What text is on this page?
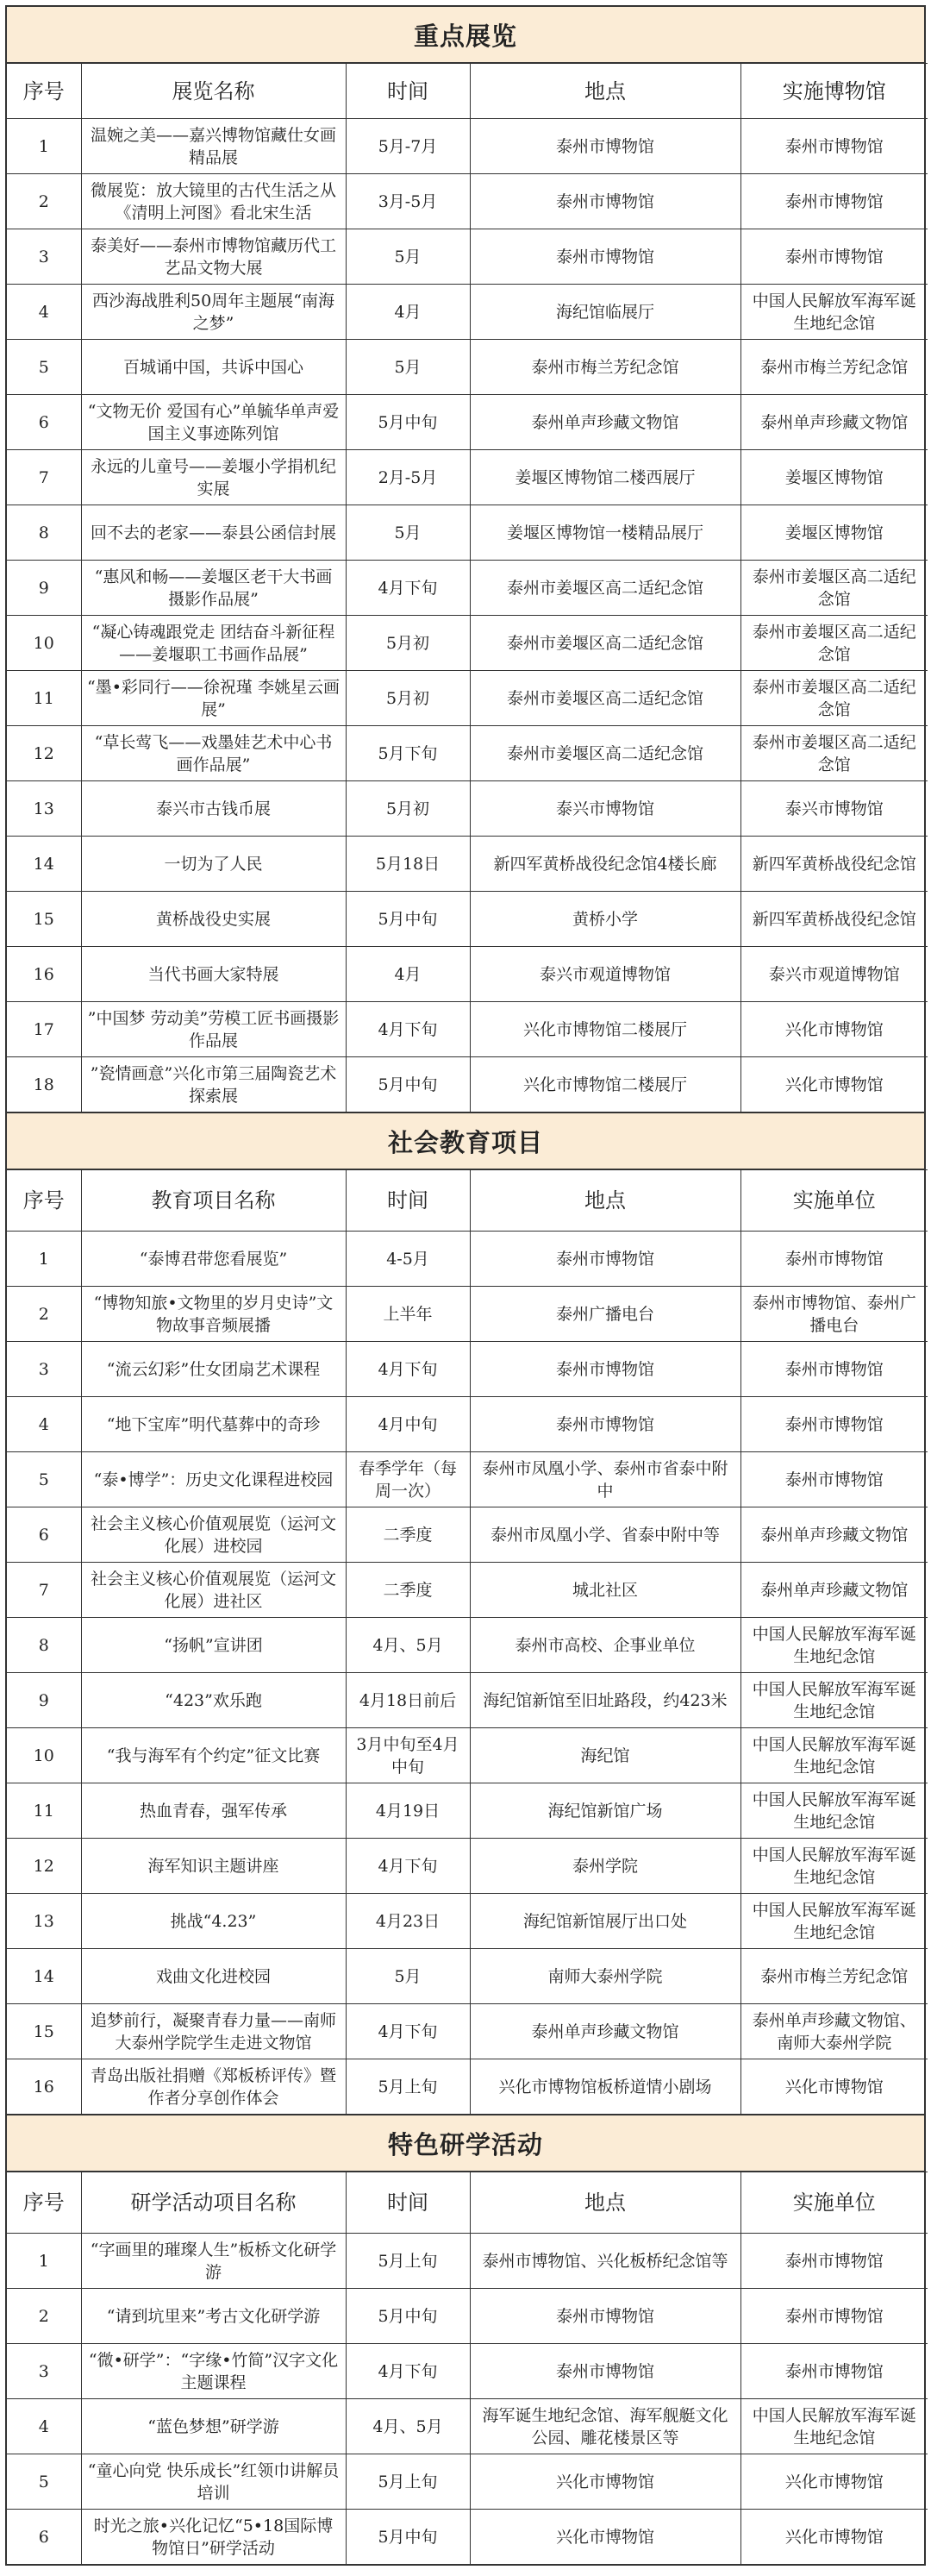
重点展览
序号	展览名称	时间	地点	实施博物馆
1	温婉之美——嘉兴博物馆藏仕女画精品展	5月-7月	泰州市博物馆	泰州市博物馆
2	微展览：放大镜里的古代生活之从《清明上河图》看北宋生活	3月-5月	泰州市博物馆	泰州市博物馆
3	泰美好——泰州市博物馆藏历代工艺品文物大展	5月	泰州市博物馆	泰州市博物馆
4	西沙海战胜利50周年主题展“南海之梦”	4月	海纪馆临展厅	中国人民解放军海军诞生地纪念馆
5	百城诵中国，共诉中国心	5月	泰州市梅兰芳纪念馆	泰州市梅兰芳纪念馆
6	“文物无价 爱国有心”单毓华单声爱国主义事迹陈列馆	5月中旬	泰州单声珍藏文物馆	泰州单声珍藏文物馆
7	永远的儿童号——姜堰小学捐机纪实展	2月-5月	姜堰区博物馆二楼西展厅	姜堰区博物馆
8	回不去的老家——泰县公函信封展	5月	姜堰区博物馆一楼精品展厅	姜堰区博物馆
9	“惠风和畅——姜堰区老干大书画摄影作品展”	4月下旬	泰州市姜堰区高二适纪念馆	泰州市姜堰区高二适纪念馆
10	“凝心铸魂跟党走 团结奋斗新征程——姜堰职工书画作品展”	5月初	泰州市姜堰区高二适纪念馆	泰州市姜堰区高二适纪念馆
11	“墨•彩同行——徐祝瑾 李姚星云画展”	5月初	泰州市姜堰区高二适纪念馆	泰州市姜堰区高二适纪念馆
12	“草长莺飞——戏墨娃艺术中心书画作品展”	5月下旬	泰州市姜堰区高二适纪念馆	泰州市姜堰区高二适纪念馆
13	泰兴市古钱币展	5月初	泰兴市博物馆	泰兴市博物馆
14	一切为了人民	5月18日	新四军黄桥战役纪念馆4楼长廊	新四军黄桥战役纪念馆
15	黄桥战役史实展	5月中旬	黄桥小学	新四军黄桥战役纪念馆
16	当代书画大家特展	4月	泰兴市观道博物馆	泰兴市观道博物馆
17	”中国梦 劳动美”劳模工匠书画摄影作品展	4月下旬	兴化市博物馆二楼展厅	兴化市博物馆
18	”瓷情画意”兴化市第三届陶瓷艺术探索展	5月中旬	兴化市博物馆二楼展厅	兴化市博物馆
社会教育项目
序号	教育项目名称	时间	地点	实施单位
1	“泰博君带您看展览”	4-5月	泰州市博物馆	泰州市博物馆
2	“博物知旅•文物里的岁月史诗”文物故事音频展播	上半年	泰州广播电台	泰州市博物馆、泰州广播电台
3	“流云幻彩”仕女团扇艺术课程	4月下旬	泰州市博物馆	泰州市博物馆
4	“地下宝库”明代墓葬中的奇珍	4月中旬	泰州市博物馆	泰州市博物馆
5	“泰•博学”：历史文化课程进校园	春季学年（每周一次）	泰州市凤凰小学、泰州市省泰中附中	泰州市博物馆
6	社会主义核心价值观展览（运河文化展）进校园	二季度	泰州市凤凰小学、省泰中附中等	泰州单声珍藏文物馆
7	社会主义核心价值观展览（运河文化展）进社区	二季度	城北社区	泰州单声珍藏文物馆
8	“扬帆”宣讲团	4月、5月	泰州市高校、企事业单位	中国人民解放军海军诞生地纪念馆
9	“423”欢乐跑	4月18日前后	海纪馆新馆至旧址路段，约423米	中国人民解放军海军诞生地纪念馆
10	“我与海军有个约定”征文比赛	3月中旬至4月中旬	海纪馆	中国人民解放军海军诞生地纪念馆
11	热血青春，强军传承	4月19日	海纪馆新馆广场	中国人民解放军海军诞生地纪念馆
12	海军知识主题讲座	4月下旬	泰州学院	中国人民解放军海军诞生地纪念馆
13	挑战“4.23”	4月23日	海纪馆新馆展厅出口处	中国人民解放军海军诞生地纪念馆
14	戏曲文化进校园	5月	南师大泰州学院	泰州市梅兰芳纪念馆
15	追梦前行，凝聚青春力量——南师大泰州学院学生走进文物馆	4月下旬	泰州单声珍藏文物馆	泰州单声珍藏文物馆、南师大泰州学院
16	青岛出版社捐赠《郑板桥评传》暨作者分享创作体会	5月上旬	兴化市博物馆板桥道情小剧场	兴化市博物馆
特色研学活动
序号	研学活动项目名称	时间	地点	实施单位
1	“字画里的璀璨人生”板桥文化研学游	5月上旬	泰州市博物馆、兴化板桥纪念馆等	泰州市博物馆
2	“请到坑里来”考古文化研学游	5月中旬	泰州市博物馆	泰州市博物馆
3	“微•研学”：“字缘•竹简”汉字文化主题课程	4月下旬	泰州市博物馆	泰州市博物馆
4	“蓝色梦想”研学游	4月、5月	海军诞生地纪念馆、海军舰艇文化公园、雕花楼景区等	中国人民解放军海军诞生地纪念馆
5	“童心向党 快乐成长”红领巾讲解员培训	5月上旬	兴化市博物馆	兴化市博物馆
6	时光之旅•兴化记忆“5•18国际博物馆日”研学活动	5月中旬	兴化市博物馆	兴化市博物馆
